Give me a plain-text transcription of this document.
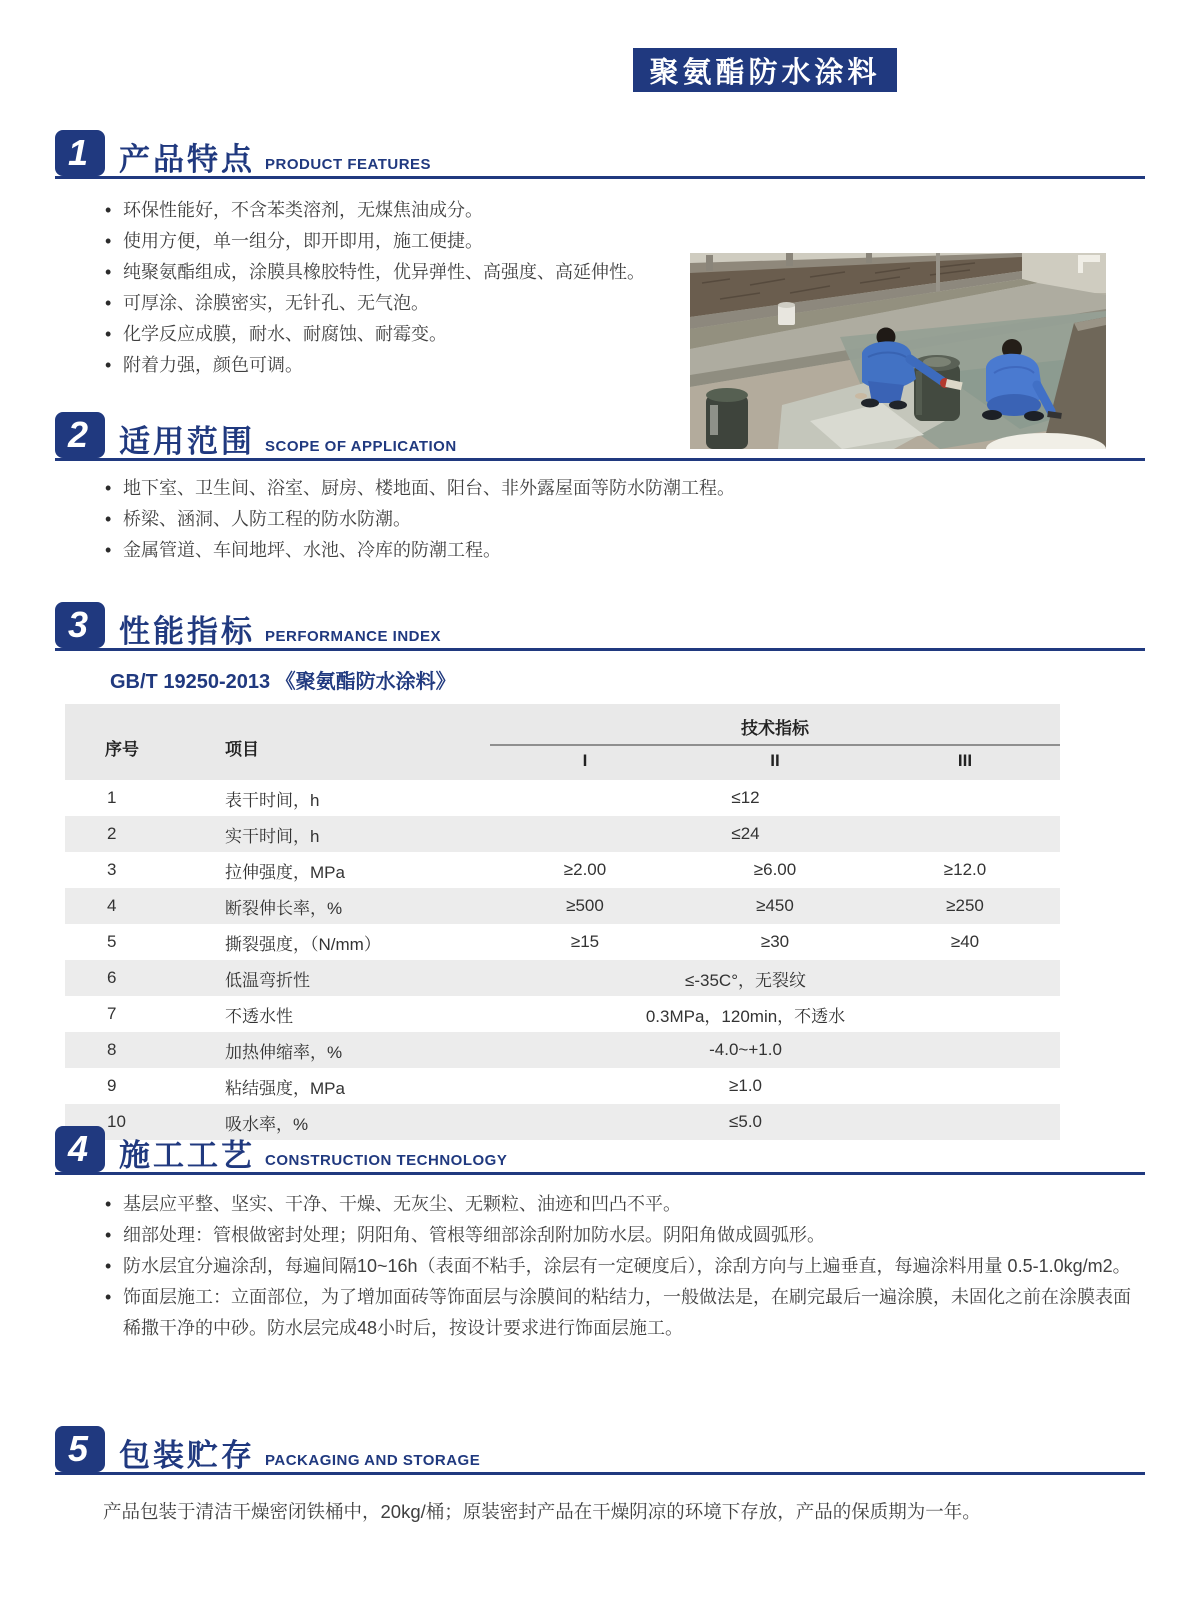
聚氨酯防水涂料
1 产品特点 PRODUCT FEATURES
• 环保性能好，不含苯类溶剂，无煤焦油成分。
• 使用方便，单一组分，即开即用，施工便捷。
• 纯聚氨酯组成，涂膜具橡胶特性，优异弹性、高强度、高延伸性。
• 可厚涂、涂膜密实，无针孔、无气泡。
• 化学反应成膜，耐水、耐腐蚀、耐霉变。
• 附着力强，颜色可调。
2 适用范围 SCOPE OF APPLICATION
• 地下室、卫生间、浴室、厨房、楼地面、阳台、非外露屋面等防水防潮工程。
• 桥梁、涵洞、人防工程的防水防潮。
• 金属管道、车间地坪、水池、冷库的防潮工程。
3 性能指标 PERFORMANCE INDEX
GB/T 19250-2013 《聚氨酯防水涂料》
序号	项目	技术指标		
		I	II	III
1	表干时间，h	≤12		
2	实干时间，h	≤24		
3	拉伸强度，MPa	≥2.00	≥6.00	≥12.0
4	断裂伸长率，%	≥500	≥450	≥250
5	撕裂强度，（N/mm）	≥15	≥30	≥40
6	低温弯折性	≤-35C°，无裂纹		
7	不透水性	0.3MPa，120min，不透水		
8	加热伸缩率，%	-4.0~+1.0		
9	粘结强度，MPa	≥1.0		
10	吸水率，%	≤5.0		
4 施工工艺 CONSTRUCTION TECHNOLOGY
• 基层应平整、坚实、干净、干燥、无灰尘、无颗粒、油迹和凹凸不平。
• 细部处理：管根做密封处理；阴阳角、管根等细部涂刮附加防水层。阴阳角做成圆弧形。
• 防水层宜分遍涂刮，每遍间隔10~16h（表面不粘手，涂层有一定硬度后），涂刮方向与上遍垂直，每遍涂料用量 0.5-1.0kg/m2。
• 饰面层施工：立面部位，为了增加面砖等饰面层与涂膜间的粘结力，一般做法是，在刷完最后一遍涂膜，未固化之前在涂膜表面稀撒干净的中砂。防水层完成48小时后，按设计要求进行饰面层施工。
5 包装贮存 PACKAGING AND STORAGE

产品包装于清洁干燥密闭铁桶中，20kg/桶；原装密封产品在干燥阴凉的环境下存放，产品的保质期为一年。
